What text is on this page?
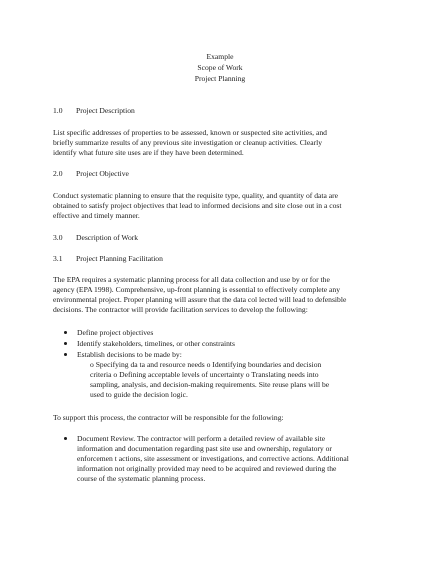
Example
Scope of Work
Project Planning
1.0 Project Description
List specific addresses of properties to be assessed, known or suspected site activities, and
briefly summarize results of any previous site investigation or cleanup activities. Clearly
identify what future site uses are if they have been determined.
2.0 Project Objective
Conduct systematic planning to ensure that the requisite type, quality, and quantity of data are
obtained to satisfy project objectives that lead to informed decisions and site close out in a cost
effective and timely manner.
3.0 Description of Work
3.1 Project Planning Facilitation
The EPA requires a systematic planning process for all data collection and use by or for the
agency (EPA 1998). Comprehensive, up-front planning is essential to effectively complete any
environmental project. Proper planning will assure that the data col lected will lead to defensible
decisions. The contractor will provide facilitation services to develop the following:
Define project objectives
Identify stakeholders, timelines, or other constraints
Establish decisions to be made by:
o Specifying da ta and resource needs o Identifying boundaries and decision
criteria o Defining acceptable levels of uncertainty o Translating needs into
sampling, analysis, and decision-making requirements. Site reuse plans will be
used to guide the decision logic.
To support this process, the contractor will be responsible for the following:
Document Review. The contractor will perform a detailed review of available site
information and documentation regarding past site use and ownership, regulatory or
enforcemen t actions, site assessment or investigations, and corrective actions. Additional
information not originally provided may need to be acquired and reviewed during the
course of the systematic planning process.
